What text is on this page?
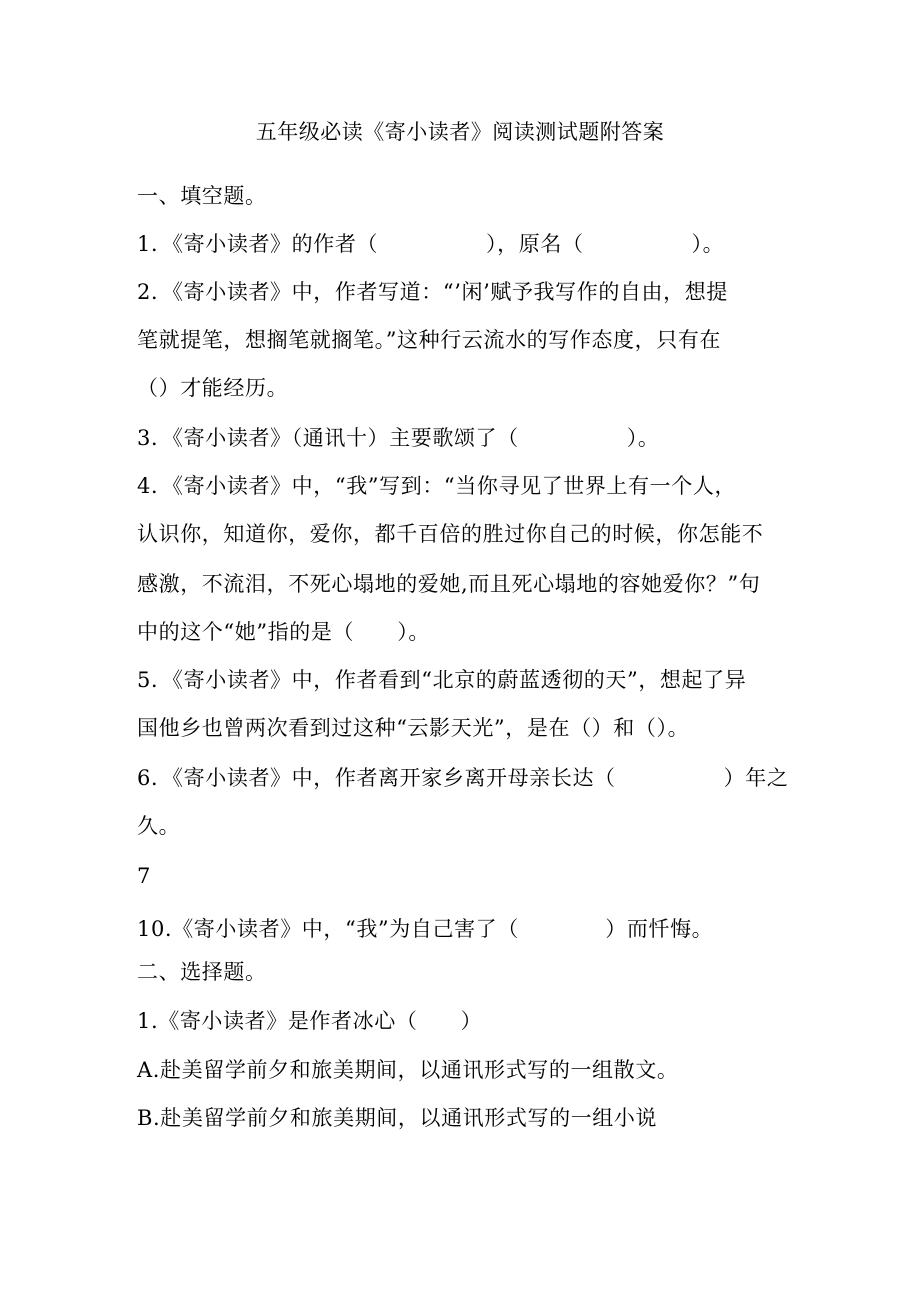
五年级必读《寄小读者》阅读测试题附答案
一、填空题。
1．《寄小读者》的作者（　　　　　），原名（　　　　　）。
2．《寄小读者》中，作者写道：“’闲’赋予我写作的自由，想提
笔就提笔，想搁笔就搁笔。”这种行云流水的写作态度，只有在
（）才能经历。
3．《寄小读者》（通讯十）主要歌颂了（　　　　　）。
4．《寄小读者》中，“我”写到：“当你寻见了世界上有一个人，
认识你，知道你，爱你，都千百倍的胜过你自己的时候，你怎能不
感激，不流泪，不死心塌地的爱她,而且死心塌地的容她爱你？”句
中的这个“她”指的是（　　）。
5．《寄小读者》中，作者看到“北京的蔚蓝透彻的天”，想起了异
国他乡也曾两次看到过这种“云影天光”，是在（）和（）。
6．《寄小读者》中，作者离开家乡离开母亲长达（　　　　　）年之
久。
7
10.《寄小读者》中，“我”为自己害了（　　　　）而忏悔。
二、选择题。
1.《寄小读者》是作者冰心（　　）
A.赴美留学前夕和旅美期间，以通讯形式写的一组散文。
B.赴美留学前夕和旅美期间，以通讯形式写的一组小说
